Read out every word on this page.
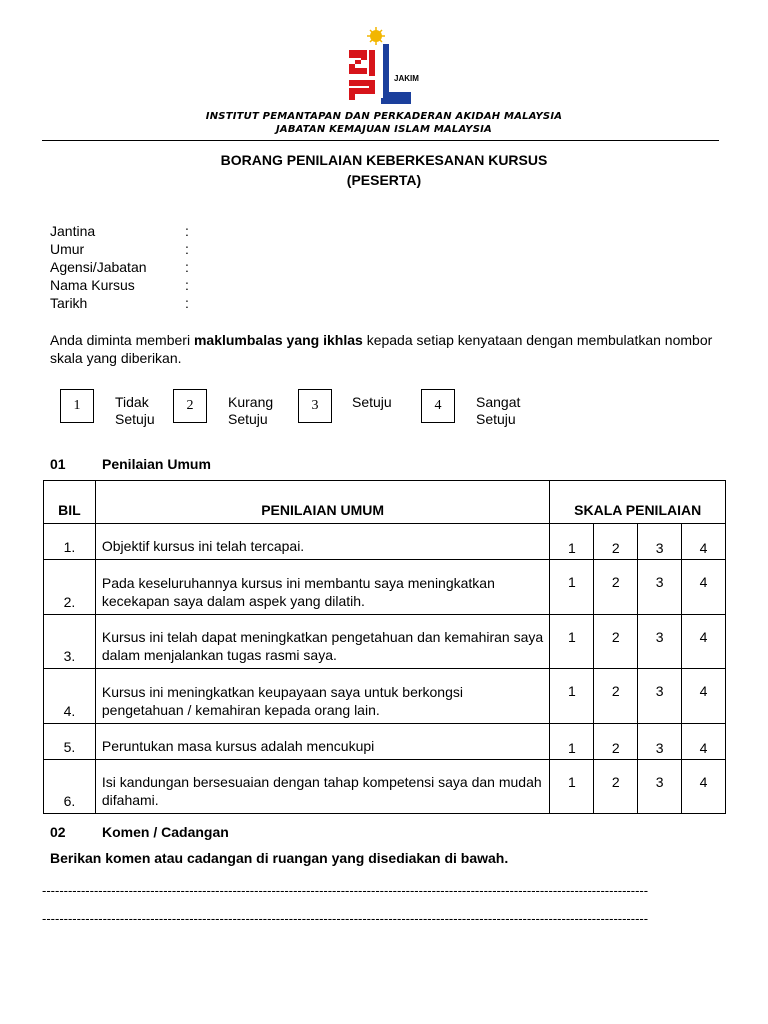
JAKIM
INSTITUT PEMANTAPAN DAN PERKADERAN AKIDAH MALAYSIA
JABATAN KEMAJUAN ISLAM MALAYSIA
BORANG PENILAIAN KEBERKESANAN KURSUS
(PESERTA)
Jantina	:
Umur	:
Agensi/Jabatan	:
Nama Kursus	:
Tarikh	:
Anda diminta memberi maklumbalas yang ikhlas kepada setiap kenyataan dengan membulatkan nombor skala yang diberikan.
1	Tidak
Setuju
2	Kurang
Setuju
3	Setuju	4	Sangat
Setuju
01	Penilaian Umum
BIL	PENILAIAN UMUM	SKALA PENILAIAN			
1.	Objektif kursus ini telah tercapai.	1	2	3	4
2.	Pada keseluruhannya kursus ini membantu saya meningkatkan kecekapan saya dalam aspek yang dilatih.	1	2	3	4
3.	Kursus ini telah dapat meningkatkan pengetahuan dan kemahiran saya dalam menjalankan tugas rasmi saya.	1	2	3	4
4.	Kursus ini meningkatkan keupayaan saya untuk berkongsi pengetahuan / kemahiran kepada orang lain.	1	2	3	4
5.	Peruntukan masa kursus adalah mencukupi	1	2	3	4
6.	Isi kandungan bersesuaian dengan tahap kompetensi saya dan mudah difahami.	1	2	3	4
02	Komen / Cadangan
Berikan komen atau cadangan di ruangan yang disediakan di bawah.
--------------------------------------------------------------------------------------------------------------------------------------------
--------------------------------------------------------------------------------------------------------------------------------------------
